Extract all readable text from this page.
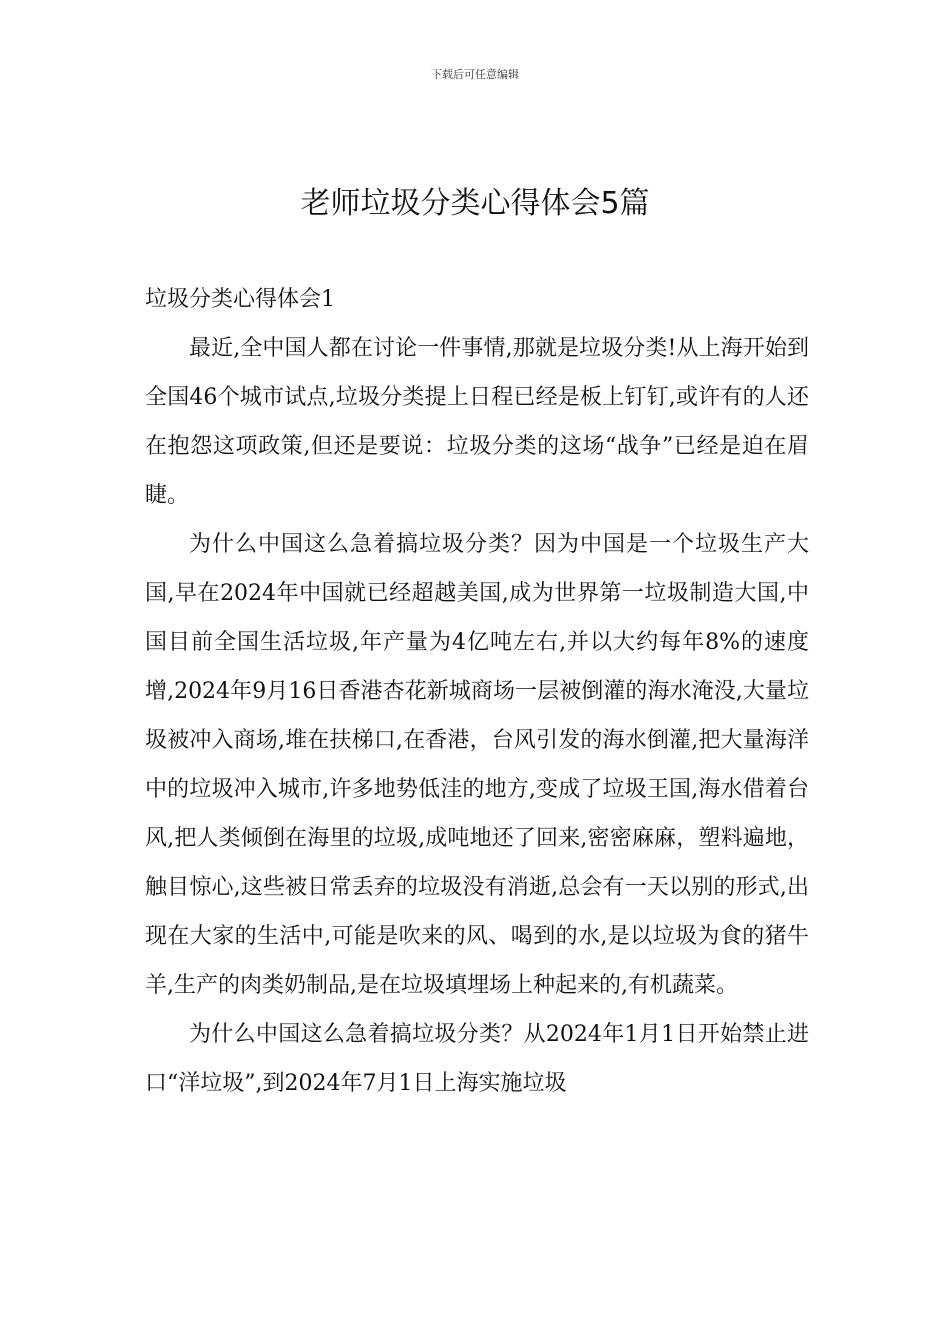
下载后可任意编辑
老师垃圾分类心得体会5篇

垃圾分类心得体会1

最近,全中国人都在讨论一件事情,那就是垃圾分类!从上海开始到全国46个城市试点,垃圾分类提上日程已经是板上钉钉,或许有的人还在抱怨这项政策,但还是要说：垃圾分类的这场“战争”已经是迫在眉睫。

为什么中国这么急着搞垃圾分类？因为中国是一个垃圾生产大国,早在2024年中国就已经超越美国,成为世界第一垃圾制造大国,中国目前全国生活垃圾,年产量为4亿吨左右,并以大约每年8%的速度增,2024年9月16日香港杏花新城商场一层被倒灌的海水淹没,大量垃圾被冲入商场,堆在扶梯口,在香港，台风引发的海水倒灌,把大量海洋中的垃圾冲入城市,许多地势低洼的地方,变成了垃圾王国,海水借着台风,把人类倾倒在海里的垃圾,成吨地还了回来,密密麻麻，塑料遍地，触目惊心,这些被日常丢弃的垃圾没有消逝,总会有一天以别的形式,出现在大家的生活中,可能是吹来的风、喝到的水,是以垃圾为食的猪牛羊,生产的肉类奶制品,是在垃圾填埋场上种起来的,有机蔬菜。

为什么中国这么急着搞垃圾分类？从2024年1月1日开始禁止进口“洋垃圾”,到2024年7月1日上海实施垃圾
